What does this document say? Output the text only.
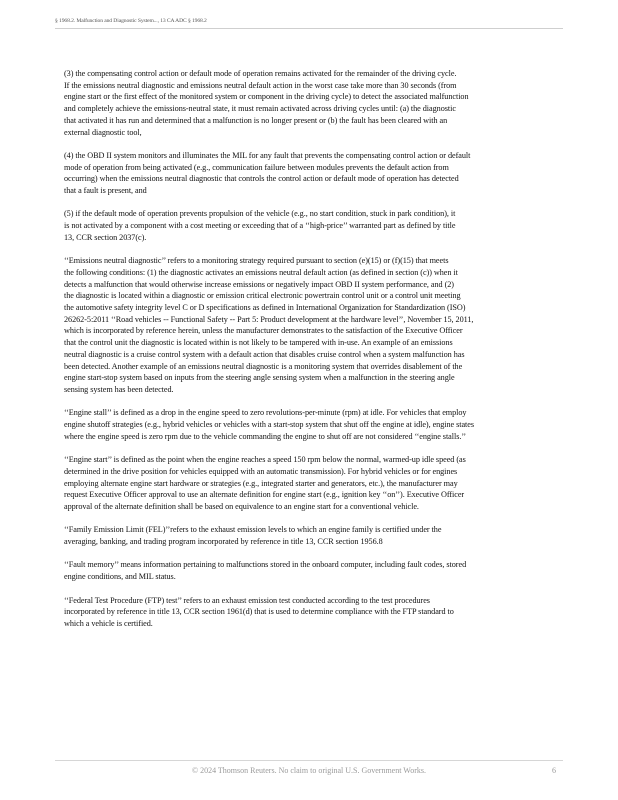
§ 1968.2. Malfunction and Diagnostic System..., 13 CA ADC § 1968.2

(3) the compensating control action or default mode of operation remains activated for the remainder of the driving cycle.
If the emissions neutral diagnostic and emissions neutral default action in the worst case take more than 30 seconds (from
engine start or the first effect of the monitored system or component in the driving cycle) to detect the associated malfunction
and completely achieve the emissions-neutral state, it must remain activated across driving cycles until: (a) the diagnostic
that activated it has run and determined that a malfunction is no longer present or (b) the fault has been cleared with an
external diagnostic tool,

(4) the OBD II system monitors and illuminates the MIL for any fault that prevents the compensating control action or default
mode of operation from being activated (e.g., communication failure between modules prevents the default action from
occurring) when the emissions neutral diagnostic that controls the control action or default mode of operation has detected
that a fault is present, and

(5) if the default mode of operation prevents propulsion of the vehicle (e.g., no start condition, stuck in park condition), it
is not activated by a component with a cost meeting or exceeding that of a ‘‘high-price’’ warranted part as defined by title
13, CCR section 2037(c).

‘‘Emissions neutral diagnostic’’ refers to a monitoring strategy required pursuant to section (e)(15) or (f)(15) that meets
the following conditions: (1) the diagnostic activates an emissions neutral default action (as defined in section (c)) when it
detects a malfunction that would otherwise increase emissions or negatively impact OBD II system performance, and (2)
the diagnostic is located within a diagnostic or emission critical electronic powertrain control unit or a control unit meeting
the automotive safety integrity level C or D specifications as defined in International Organization for Standardization (ISO)
26262-5:2011 ‘‘Road vehicles -- Functional Safety -- Part 5: Product development at the hardware level’’, November 15, 2011,
which is incorporated by reference herein, unless the manufacturer demonstrates to the satisfaction of the Executive Officer
that the control unit the diagnostic is located within is not likely to be tampered with in-use. An example of an emissions
neutral diagnostic is a cruise control system with a default action that disables cruise control when a system malfunction has
been detected. Another example of an emissions neutral diagnostic is a monitoring system that overrides disablement of the
engine start-stop system based on inputs from the steering angle sensing system when a malfunction in the steering angle
sensing system has been detected.

‘‘Engine stall’’ is defined as a drop in the engine speed to zero revolutions-per-minute (rpm) at idle. For vehicles that employ
engine shutoff strategies (e.g., hybrid vehicles or vehicles with a start-stop system that shut off the engine at idle), engine states
where the engine speed is zero rpm due to the vehicle commanding the engine to shut off are not considered ‘‘engine stalls.’’

‘‘Engine start’’ is defined as the point when the engine reaches a speed 150 rpm below the normal, warmed-up idle speed (as
determined in the drive position for vehicles equipped with an automatic transmission). For hybrid vehicles or for engines
employing alternate engine start hardware or strategies (e.g., integrated starter and generators, etc.), the manufacturer may
request Executive Officer approval to use an alternate definition for engine start (e.g., ignition key ‘‘on’’). Executive Officer
approval of the alternate definition shall be based on equivalence to an engine start for a conventional vehicle.

‘‘Family Emission Limit (FEL)’’refers to the exhaust emission levels to which an engine family is certified under the
averaging, banking, and trading program incorporated by reference in title 13, CCR section 1956.8

‘‘Fault memory’’ means information pertaining to malfunctions stored in the onboard computer, including fault codes, stored
engine conditions, and MIL status.

‘‘Federal Test Procedure (FTP) test’’ refers to an exhaust emission test conducted according to the test procedures
incorporated by reference in title 13, CCR section 1961(d) that is used to determine compliance with the FTP standard to
which a vehicle is certified.

© 2024 Thomson Reuters. No claim to original U.S. Government Works.	6
